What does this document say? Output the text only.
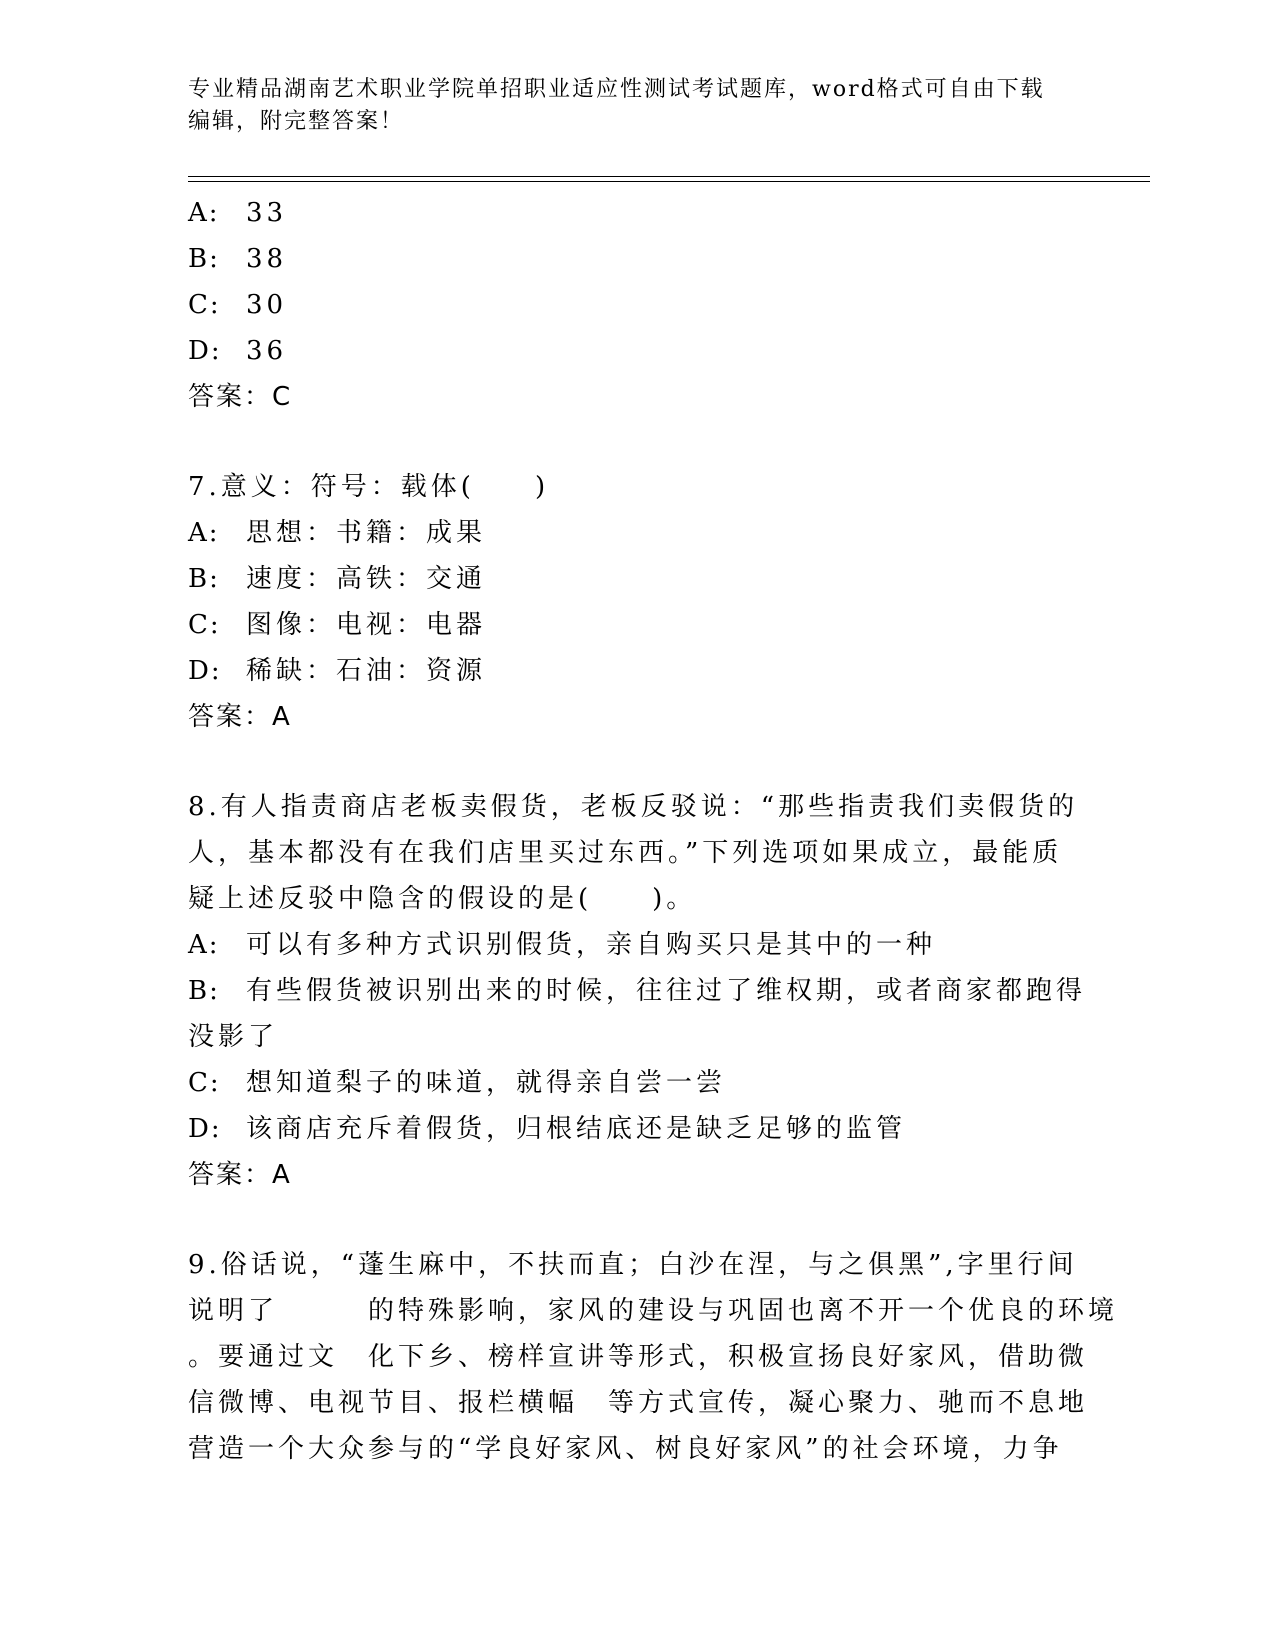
专业精品湖南艺术职业学院单招职业适应性测试考试题库，word格式可自由下载
编辑，附完整答案！
A:	33
B:	38
C: 30
D: 36
答案：C
7.意义：符号：载体(　　)
A:	思想：书籍：成果
B:	速度：高铁：交通
C: 图像：电视：电器
D: 稀缺：石油：资源
答案：A
8.有人指责商店老板卖假货，老板反驳说：“那些指责我们卖假货的
人，基本都没有在我们店里买过东西。”下列选项如果成立，最能质
疑上述反驳中隐含的假设的是(　　)。
A:	可以有多种方式识别假货，亲自购买只是其中的一种
B:	有些假货被识别出来的时候，往往过了维权期，或者商家都跑得
没影了
C: 想知道梨子的味道，就得亲自尝一尝
D: 该商店充斥着假货，归根结底还是缺乏足够的监管
答案：A
9.俗话说，“蓬生麻中，不扶而直；白沙在涅，与之俱黑”,字里行间
说明了　　　的特殊影响，家风的建设与巩固也离不开一个优良的环境
。要通过文　化下乡、榜样宣讲等形式，积极宣扬良好家风，借助微
信微博、电视节目、报栏横幅　等方式宣传，凝心聚力、驰而不息地
营造一个大众参与的“学良好家风、树良好家风”的社会环境，力争
